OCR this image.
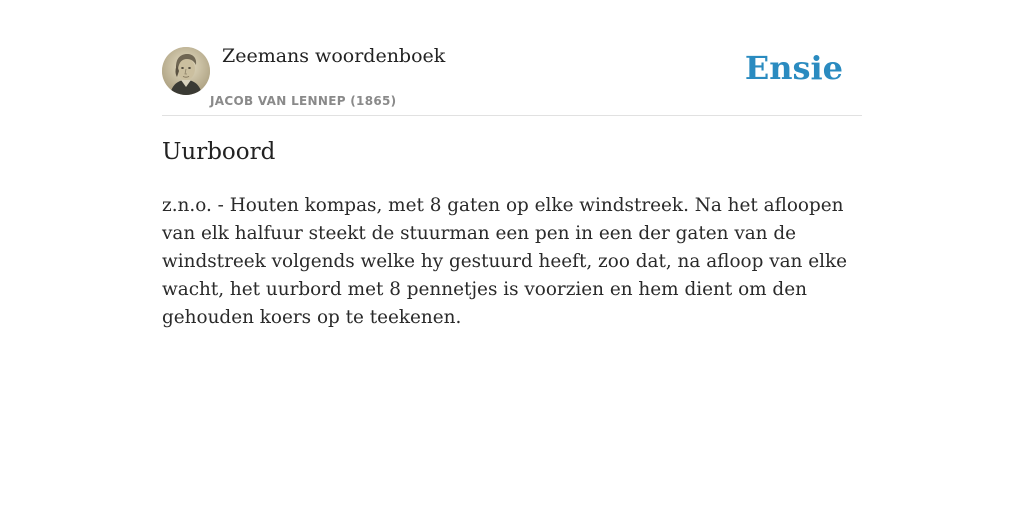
Zeemans woordenboek
JACOB VAN LENNEP (1865)
Ensie
Uurboord

z.n.o. - Houten kompas, met 8 gaten op elke windstreek. Na het afloopen van elk halfuur steekt de stuurman een pen in een der gaten van de windstreek volgends welke hy gestuurd heeft, zoo dat, na afloop van elke wacht, het uurbord met 8 pennetjes is voorzien en hem dient om den gehouden koers op te teekenen.
